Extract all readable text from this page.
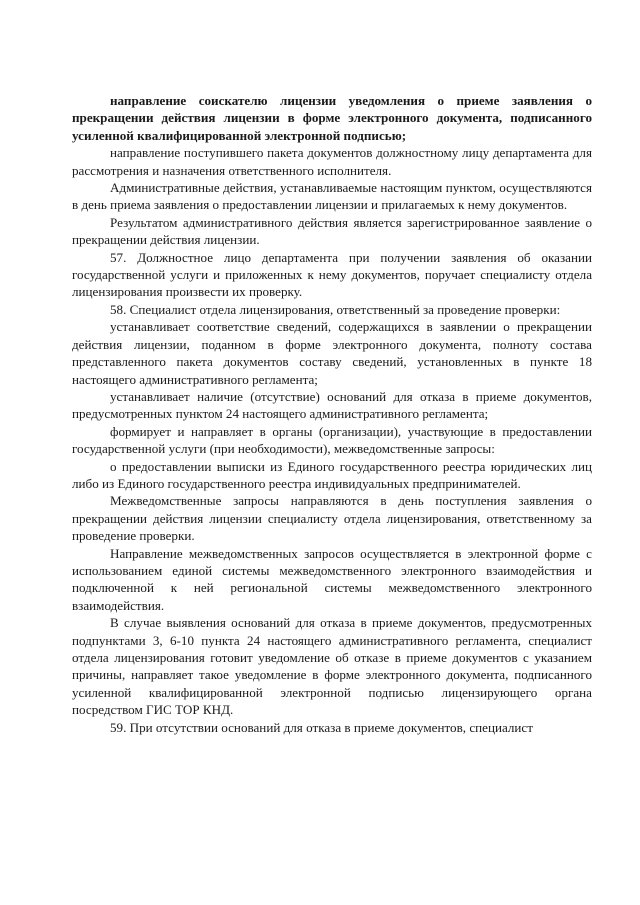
направление соискателю лицензии уведомления о приеме заявления о прекращении действия лицензии в форме электронного документа, подписанного усиленной квалифицированной электронной подписью;

направление поступившего пакета документов должностному лицу департамента для рассмотрения и назначения ответственного исполнителя.

Административные действия, устанавливаемые настоящим пунктом, осуществляются в день приема заявления о предоставлении лицензии и прилагаемых к нему документов.

Результатом административного действия является зарегистрированное заявление о прекращении действия лицензии.

57. Должностное лицо департамента при получении заявления об оказании государственной услуги и приложенных к нему документов, поручает специалисту отдела лицензирования произвести их проверку.

58. Специалист отдела лицензирования, ответственный за проведение проверки:

устанавливает соответствие сведений, содержащихся в заявлении о прекращении действия лицензии, поданном в форме электронного документа, полноту состава представленного пакета документов составу сведений, установленных в пункте 18 настоящего административного регламента;

устанавливает наличие (отсутствие) оснований для отказа в приеме документов, предусмотренных пунктом 24 настоящего административного регламента;

формирует и направляет в органы (организации), участвующие в предоставлении государственной услуги (при необходимости), межведомственные запросы:

о предоставлении выписки из Единого государственного реестра юридических лиц либо из Единого государственного реестра индивидуальных предпринимателей.

Межведомственные запросы направляются в день поступления заявления о прекращении действия лицензии специалисту отдела лицензирования, ответственному за проведение проверки.

Направление межведомственных запросов осуществляется в электронной форме с использованием единой системы межведомственного электронного взаимодействия и подключенной к ней региональной системы межведомственного электронного взаимодействия.

В случае выявления оснований для отказа в приеме документов, предусмотренных подпунктами 3, 6-10 пункта 24 настоящего административного регламента, специалист отдела лицензирования готовит уведомление об отказе в приеме документов с указанием причины, направляет такое уведомление в форме электронного документа, подписанного усиленной квалифицированной электронной подписью лицензирующего органа посредством ГИС ТОР КНД.

59. При отсутствии оснований для отказа в приеме документов, специалист
